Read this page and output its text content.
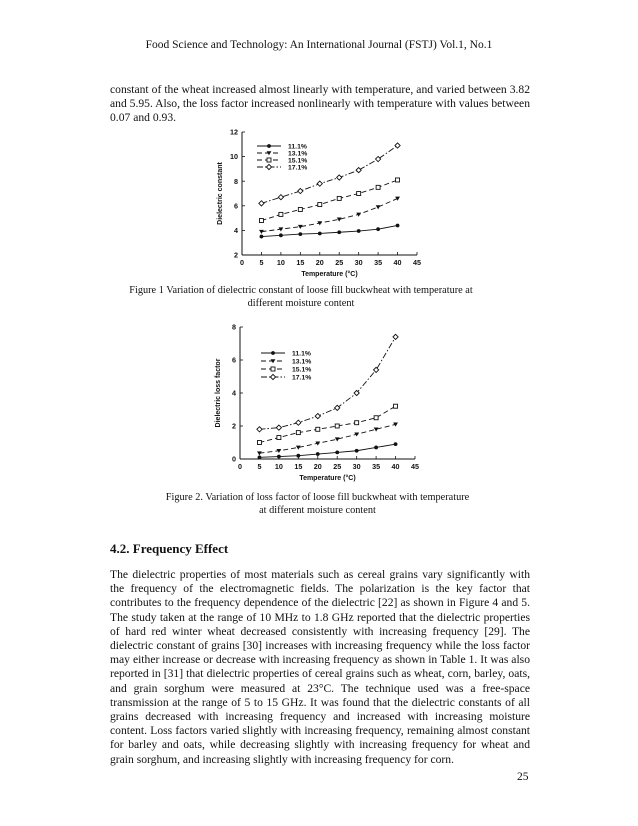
Food Science and Technology: An International Journal (FSTJ) Vol.1, No.1

constant of the wheat increased almost linearly with temperature, and varied between 3.82 and 5.95. Also, the loss factor increased nonlinearly with temperature with values between 0.07 and 0.93.

0 5 10 15 20 25 30 35 40 45
2
4
6
8
10
12
Temperature (°C)
Dielectric constant
11.1%
13.1%
15.1%
17.1%

Figure 1 Variation of dielectric constant of loose fill buckwheat with temperature at different moisture content

0 5 10 15 20 25 30 35 40 45
0
2
4
6
8
Temperature (°C)
Dielectric loss factor
11.1%
13.1%
15.1%
17.1%

Figure 2. Variation of loss factor of loose fill buckwheat with temperature at different moisture content

4.2. Frequency Effect

The dielectric properties of most materials such as cereal grains vary significantly with the frequency of the electromagnetic fields. The polarization is the key factor that contributes to the frequency dependence of the dielectric [22] as shown in Figure 4 and 5. The study taken at the range of 10 MHz to 1.8 GHz reported that the dielectric properties of hard red winter wheat decreased consistently with increasing frequency [29]. The dielectric constant of grains [30] increases with increasing frequency while the loss factor may either increase or decrease with increasing frequency as shown in Table 1. It was also reported in [31] that dielectric properties of cereal grains such as wheat, corn, barley, oats, and grain sorghum were measured at 23°C. The technique used was a free-space transmission at the range of 5 to 15 GHz. It was found that the dielectric constants of all grains decreased with increasing frequency and increased with increasing moisture content. Loss factors varied slightly with increasing frequency, remaining almost constant for barley and oats, while decreasing slightly with increasing frequency for wheat and grain sorghum, and increasing slightly with increasing frequency for corn.

25
